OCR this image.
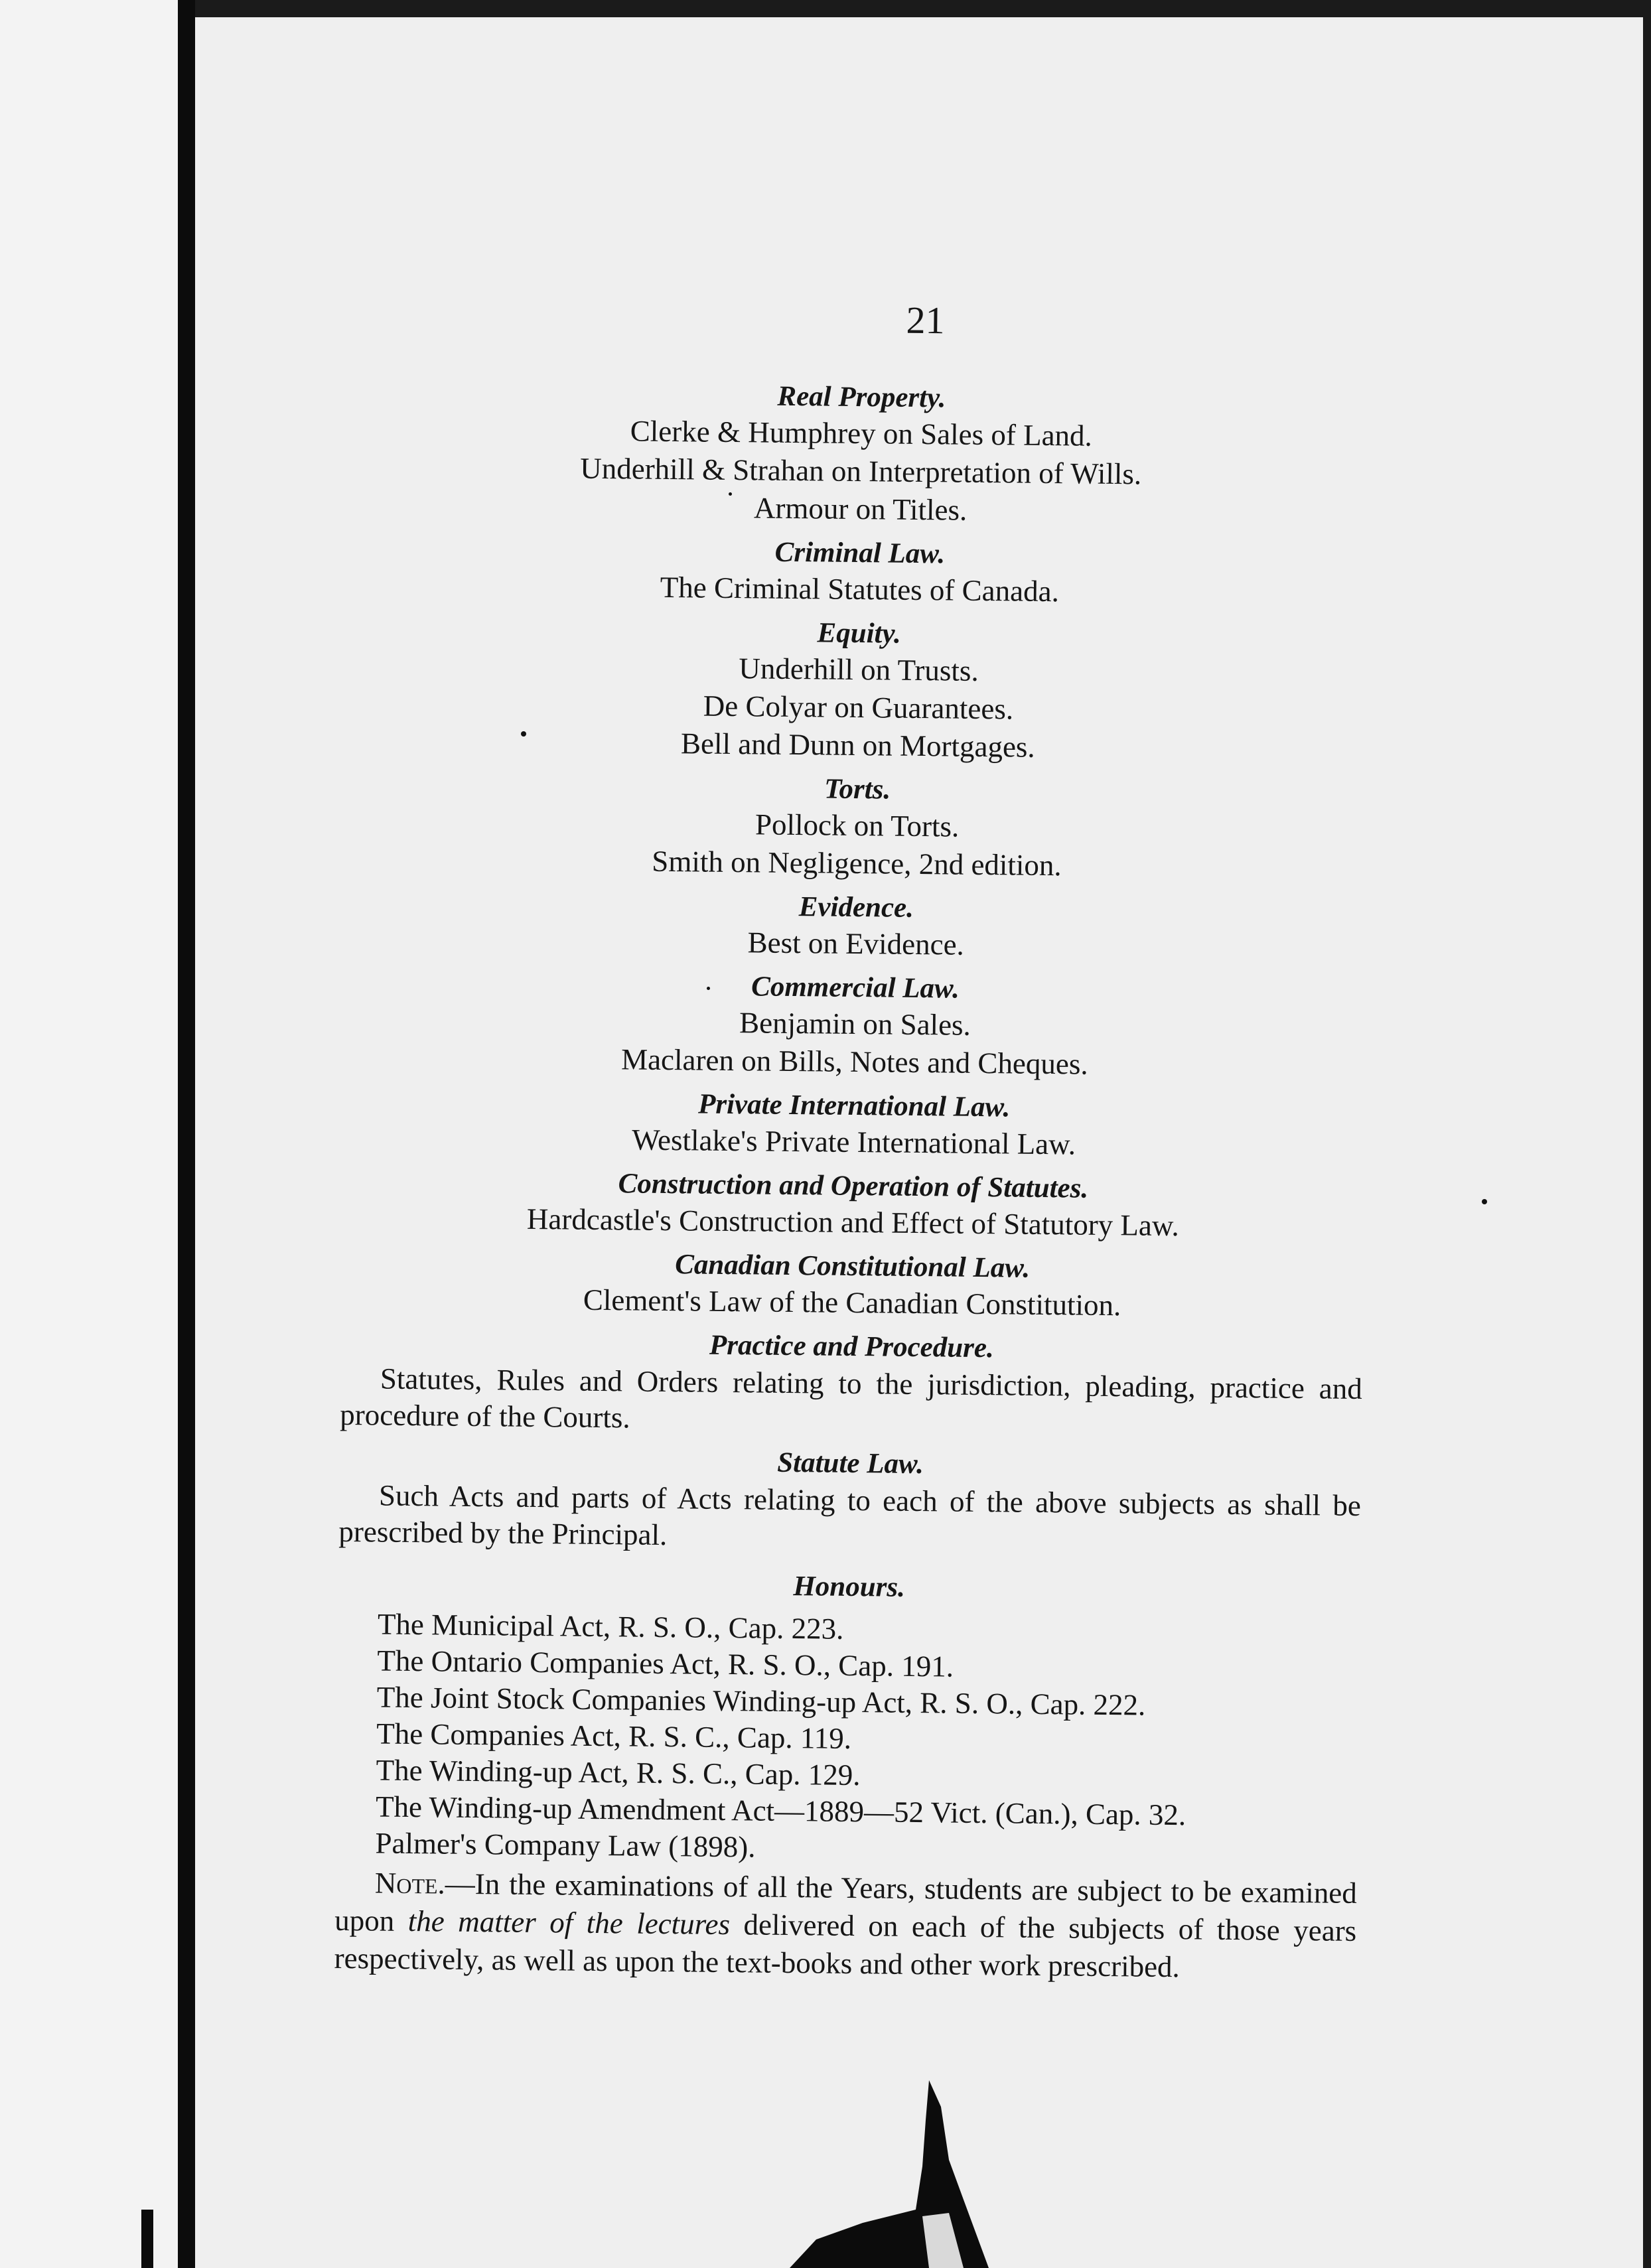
21
Real Property.
Clerke & Humphrey on Sales of Land.
Underhill & Strahan on Interpretation of Wills.
Armour on Titles.
Criminal Law.
The Criminal Statutes of Canada.
Equity.
Underhill on Trusts.
De Colyar on Guarantees.
Bell and Dunn on Mortgages.
Torts.
Pollock on Torts.
Smith on Negligence, 2nd edition.
Evidence.
Best on Evidence.
Commercial Law.
Benjamin on Sales.
Maclaren on Bills, Notes and Cheques.
Private International Law.
Westlake's Private International Law.
Construction and Operation of Statutes.
Hardcastle's Construction and Effect of Statutory Law.
Canadian Constitutional Law.
Clement's Law of the Canadian Constitution.
Practice and Procedure.

Statutes, Rules and Orders relating to the jurisdiction, pleading, practice and procedure of the Courts.

Statute Law.

Such Acts and parts of Acts relating to each of the above subjects as shall be prescribed by the Principal.

Honours.
The Municipal Act, R. S. O., Cap. 223.
The Ontario Companies Act, R. S. O., Cap. 191.
The Joint Stock Companies Winding-up Act, R. S. O., Cap. 222.
The Companies Act, R. S. C., Cap. 119.
The Winding-up Act, R. S. C., Cap. 129.
The Winding-up Amendment Act—1889—52 Vict. (Can.), Cap. 32.
Palmer's Company Law (1898).
Note.—In the examinations of all the Years, students are subject to be examined upon the matter of the lectures delivered on each of the subjects of those years respectively, as well as upon the text-books and other work prescribed.
